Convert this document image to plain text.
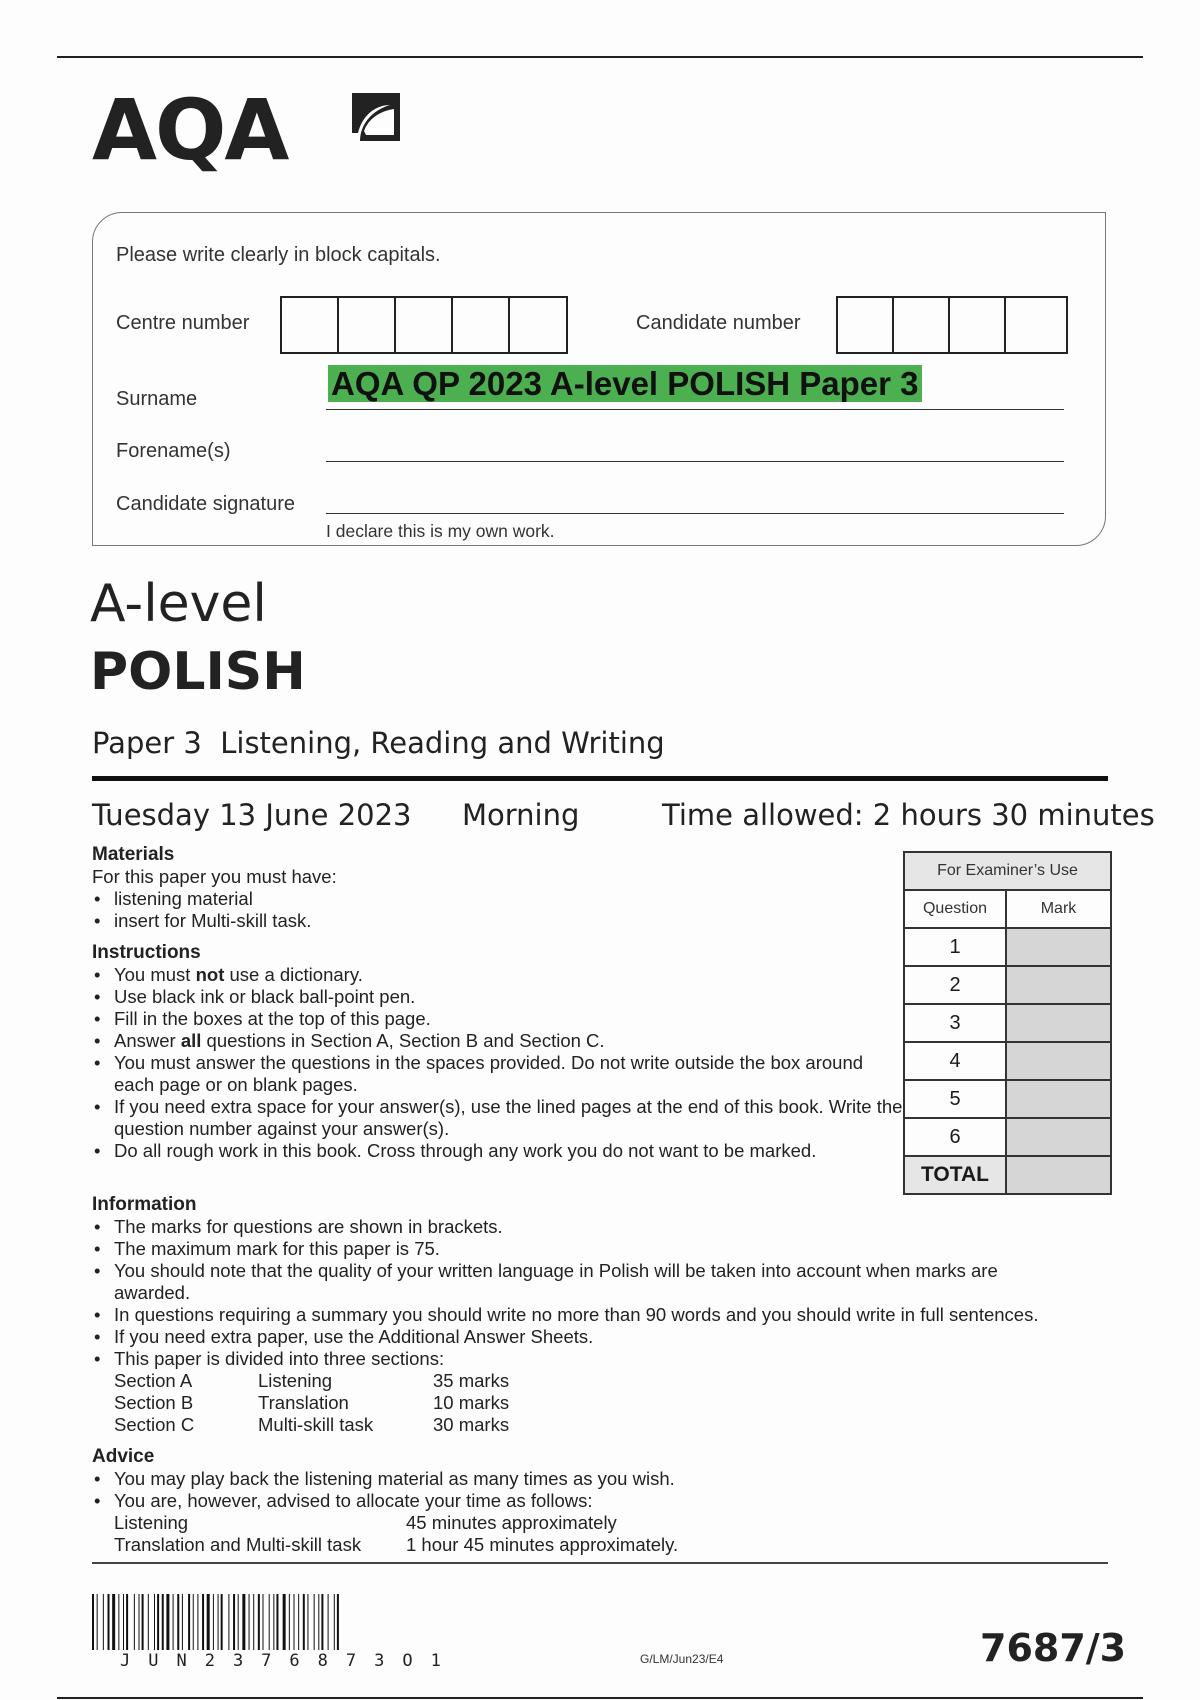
AQA
Please write clearly in block capitals.
Centre number	Candidate number
Surname	AQA QP 2023 A-level POLISH Paper 3
Forename(s)
Candidate signature
I declare this is my own work.
A-level
POLISH
Paper 3  Listening, Reading and Writing
Tuesday 13 June 2023 Morning	Time allowed: 2 hours 30 minutes
Materials
For this paper you must have:
• listening material
• insert for Multi-skill task.
Instructions
• You must not use a dictionary.
• Use black ink or black ball-point pen.
• Fill in the boxes at the top of this page.
• Answer all questions in Section A, Section B and Section C.
• You must answer the questions in the spaces provided. Do not write outside the box around each page or on blank pages.
• If you need extra space for your answer(s), use the lined pages at the end of this book. Write the question number against your answer(s).
• Do all rough work in this book. Cross through any work you do not want to be marked.
Information
• The marks for questions are shown in brackets.
• The maximum mark for this paper is 75.
• You should note that the quality of your written language in Polish will be taken into account when marks are awarded.
• In questions requiring a summary you should write no more than 90 words and you should write in full sentences.
• If you need extra paper, use the Additional Answer Sheets.
• This paper is divided into three sections:
Section A	Listening	35 marks
Section B	Translation	10 marks
Section C	Multi-skill task	30 marks
Advice
• You may play back the listening material as many times as you wish.
• You are, however, advised to allocate your time as follows:
Listening	45 minutes approximately
Translation and Multi-skill task	1 hour 45 minutes approximately.
For Examiner’s Use	
Question	Mark
1	
2	
3	
4	
5	
6	
TOTAL	
JUN2376873O1	G/LM/Jun23/E4	7687/3
